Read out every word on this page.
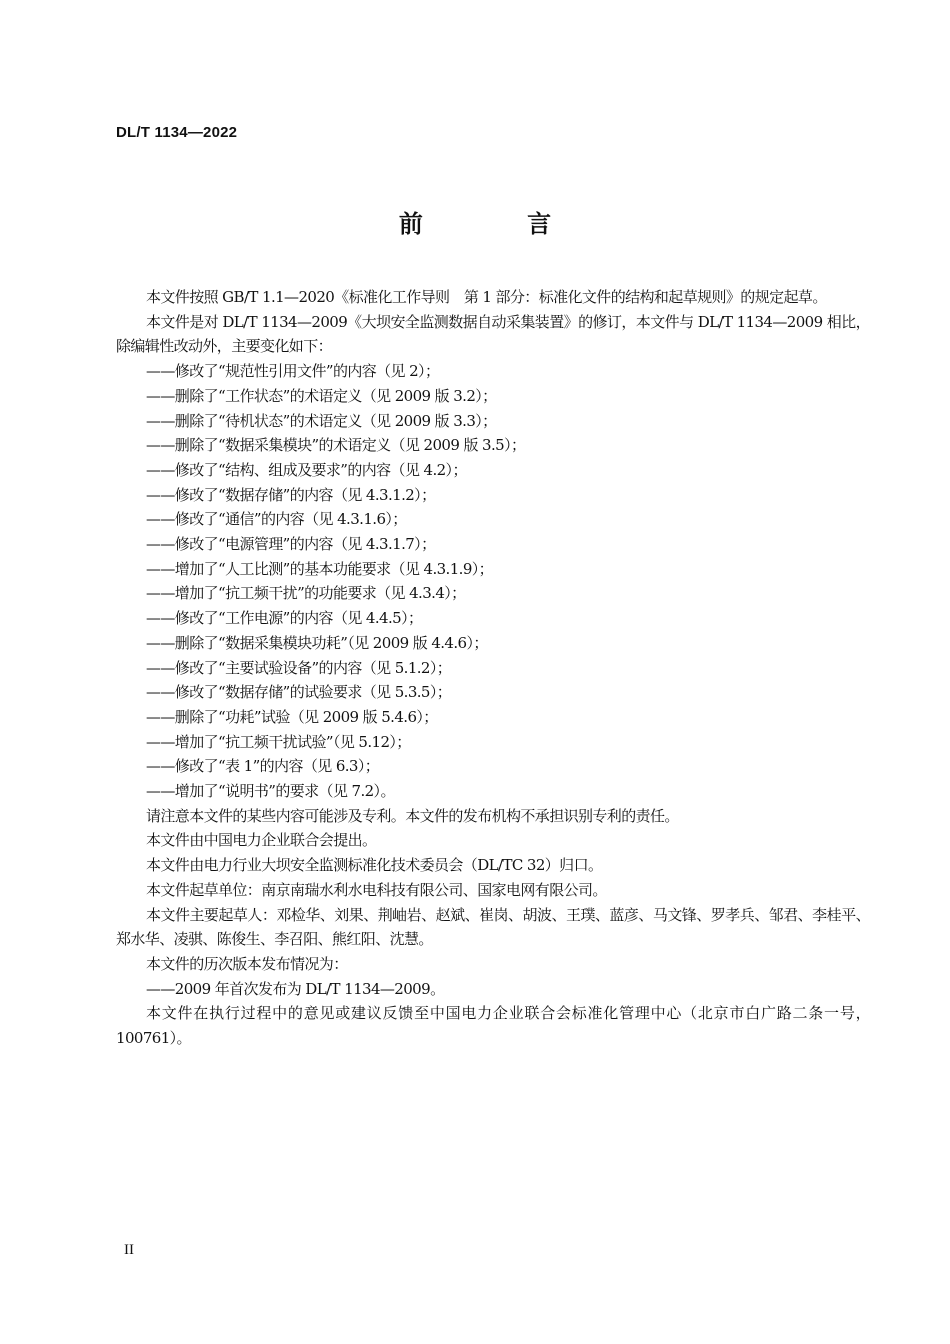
DL/T 1134—2022
前 言

本文件按照 GB/T 1.1—2020《标准化工作导则　第 1 部分：标准化文件的结构和起草规则》的规定起草。

本文件是对 DL/T 1134—2009《大坝安全监测数据自动采集装置》的修订，本文件与 DL/T 1134—2009 相比，除编辑性改动外，主要变化如下：

——修改了“规范性引用文件”的内容（见 2）；

——删除了“工作状态”的术语定义（见 2009 版 3.2）；

——删除了“待机状态”的术语定义（见 2009 版 3.3）；

——删除了“数据采集模块”的术语定义（见 2009 版 3.5）；

——修改了“结构、组成及要求”的内容（见 4.2）；

——修改了“数据存储”的内容（见 4.3.1.2）；

——修改了“通信”的内容（见 4.3.1.6）；

——修改了“电源管理”的内容（见 4.3.1.7）；

——增加了“人工比测”的基本功能要求（见 4.3.1.9）；

——增加了“抗工频干扰”的功能要求（见 4.3.4）；

——修改了“工作电源”的内容（见 4.4.5）；

——删除了“数据采集模块功耗”（见 2009 版 4.4.6）；

——修改了“主要试验设备”的内容（见 5.1.2）；

——修改了“数据存储”的试验要求（见 5.3.5）；

——删除了“功耗”试验（见 2009 版 5.4.6）；

——增加了“抗工频干扰试验”（见 5.12）；

——修改了“表 1”的内容（见 6.3）；

——增加了“说明书”的要求（见 7.2）。

请注意本文件的某些内容可能涉及专利。本文件的发布机构不承担识别专利的责任。

本文件由中国电力企业联合会提出。

本文件由电力行业大坝安全监测标准化技术委员会（DL/TC 32）归口。

本文件起草单位：南京南瑞水利水电科技有限公司、国家电网有限公司。

本文件主要起草人：邓检华、刘果、荆岫岩、赵斌、崔岗、胡波、王璞、蓝彦、马文锋、罗孝兵、邹君、李桂平、郑水华、凌骐、陈俊生、李召阳、熊红阳、沈慧。

本文件的历次版本发布情况为：

——2009 年首次发布为 DL/T 1134—2009。

本文件在执行过程中的意见或建议反馈至中国电力企业联合会标准化管理中心（北京市白广路二条一号，100761）。

II
